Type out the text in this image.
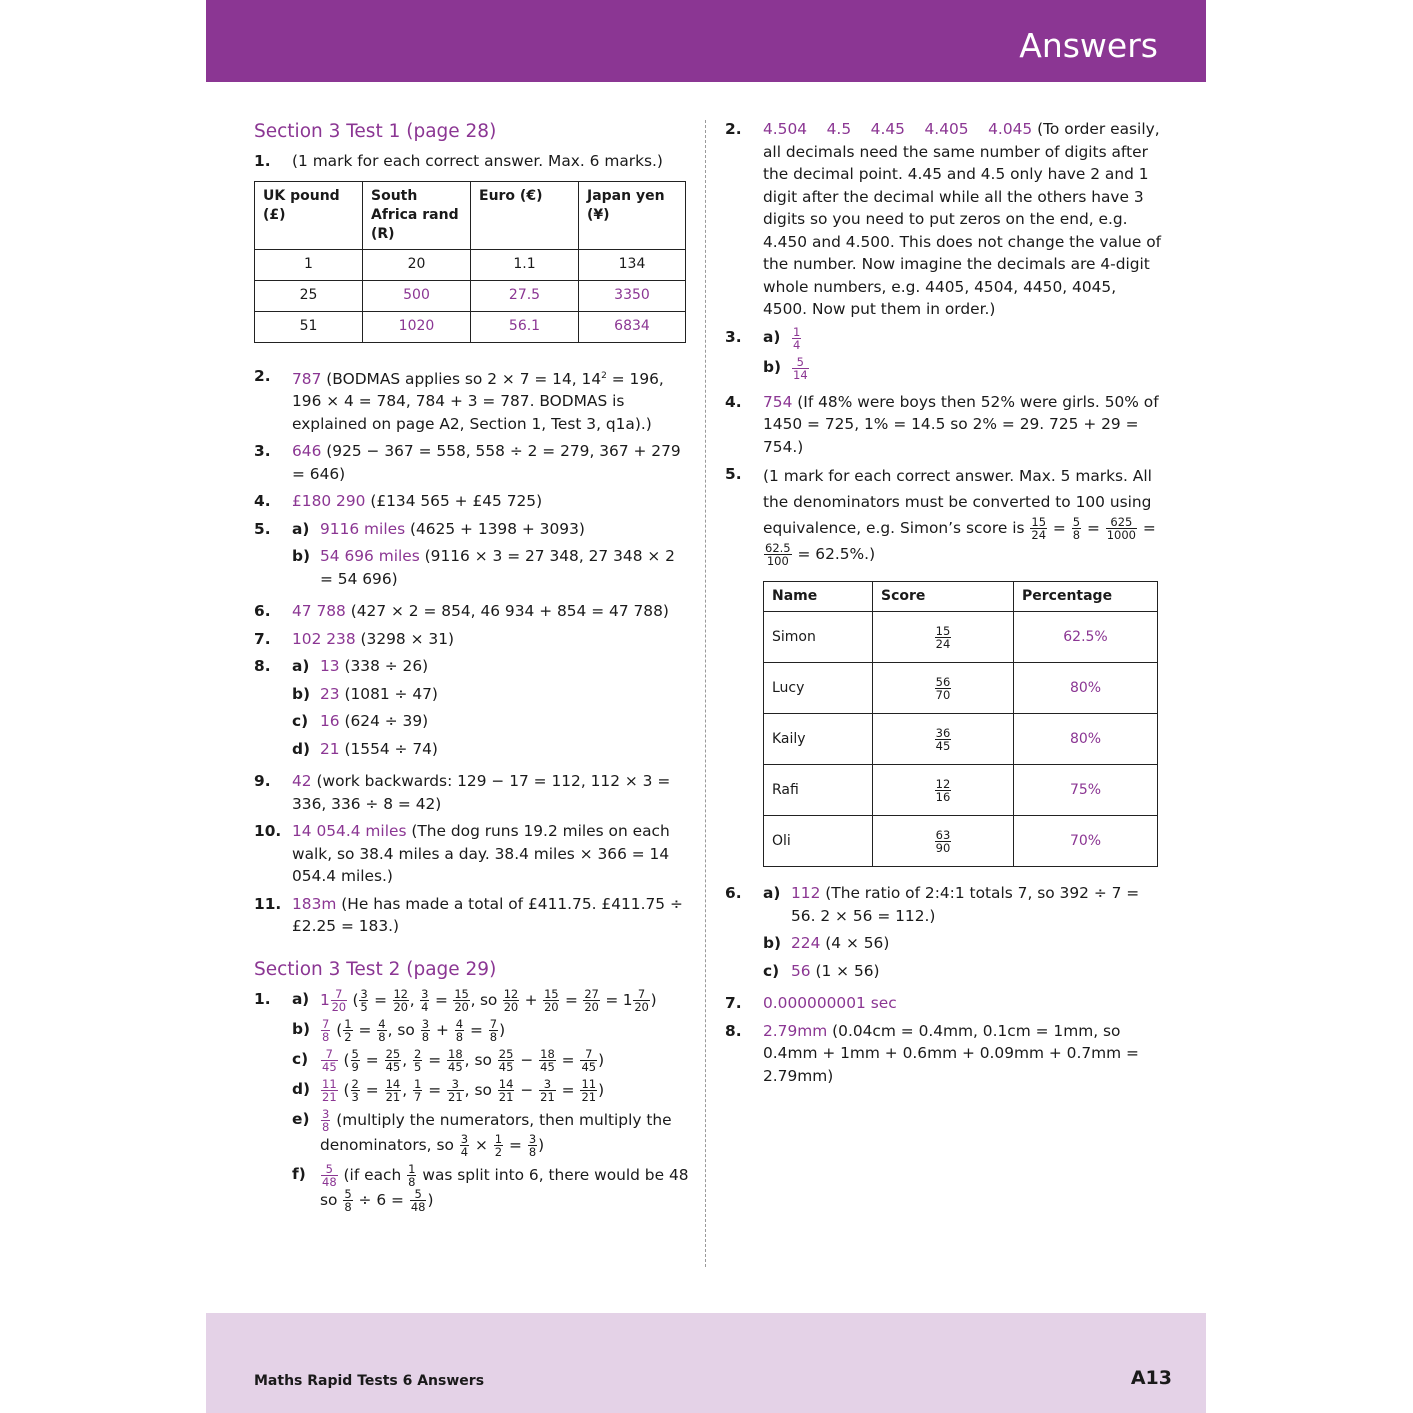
Answers
Section 3 Test 1 (page 28)
1.	(1 mark for each correct answer. Max. 6 marks.)
UK pound (£)	South Africa rand (R)	Euro (€)	Japan yen (¥)
1	20	1.1	134
25	500	27.5	3350
51	1020	56.1	6834
2.	787 (BODMAS applies so 2 × 7 = 14, $14^2 = 196$, 196 × 4 = 784, 784 + 3 = 787. BODMAS is explained on page A2, Section 1, Test 3, q1a).)
3.	646 (925 − 367 = 558, 558 ÷ 2 = 279, 367 + 279 = 646)
4.	£180 290 (£134 565 + £45 725)
5.	a) 9116 miles (4625 + 1398 + 3093)
b) 54 696 miles (9116 × 3 = 27 348, 27 348 × 2 = 54 696)
6.	47 788 (427 × 2 = 854, 46 934 + 854 = 47 788)
7.	102 238 (3298 × 31)
8.	a) 13 (338 ÷ 26)
b) 23 (1081 ÷ 47)
c) 16 (624 ÷ 39)
d) 21 (1554 ÷ 74)
9.	42 (work backwards: 129 − 17 = 112, 112 × 3 = 336, 336 ÷ 8 = 42)
10. 14 054.4 miles (The dog runs 19.2 miles on each walk, so 38.4 miles a day. 38.4 miles × 366 = 14 054.4 miles.)
11. 183m (He has made a total of £411.75. £411.75 ÷ £2.25 = 183.)
Section 3 Test 2 (page 29)
1.	a) $1 \frac{7}{20}$ ( $\frac{3}{5} = \frac{12}{20}$ , $\frac{3}{4} = \frac{15}{20}$ , so $\frac{12}{20} + \frac{15}{20} = \frac{27}{20} = 1 \frac{7}{20}$ )
$b) \frac{7}{8}$ ( $\frac{1}{2} = \frac{4}{8}$ , so $\frac{3}{8} + \frac{4}{8} = \frac{7}{8}$ )
c)	$\frac{7}{45}$ ( $\frac{5}{9} = \frac{25}{45}$ , $\frac{2}{5} = \frac{18}{45}$ , so $\frac{25}{45} - \frac{18}{45} = \frac{7}{45}$ )
$d) \frac{11}{21}$ ( $\frac{2}{3} = \frac{14}{21}$ , $\frac{1}{7} = \frac{3}{21}$ , so $\frac{14}{21} - \frac{3}{21} = \frac{11}{21}$ )
e)	$\frac{3}{8}$ (multiply the numerators, then multiply the denominators, so $\frac{3}{4} \times \frac{1}{2} = \frac{3}{8}$ )
f)	$\frac{5}{48} (if$ each $\frac{1}{8}$ was split into 6, there would be 48 so $\frac{5}{8} \div 6 = \frac{5}{48}$ )
2.	4.504    4.5    4.45    4.405    4.045 (To order easily, all decimals need the same number of digits after the decimal point. 4.45 and 4.5 only have 2 and 1 digit after the decimal while all the others have 3 digits so you need to put zeros on the end, e.g. 4.450 and 4.500. This does not change the value of the number. Now imagine the decimals are 4-digit whole numbers, e.g. 4405, 4504, 4450, 4045, 4500. Now put them in order.)
3.	a)	$\frac{1}{4}$
$b) \frac{5}{14}$
4.	754 (If 48% were boys then 52% were girls. 50% of 1450 = 725, 1% = 14.5 so 2% = 29. 725 + 29 = 754.)
5.	(1 mark for each correct answer. Max. 5 marks. All the denominators must be converted to 100 using equivalence, e.g. Simon’s score is $\frac{15}{24} = \frac{5}{8} = \frac{625}{1000}$ =
$\frac{62.5}{100} = 62.5\%$.)
Name	Score	Percentage
Simon	$\frac{15}{24}$	62.5%
Lucy	$\frac{56}{70}$	80%
Kaily	$\frac{36}{45}$	80%
Rafi	$\frac{12}{16}$	75%
Oli	$\frac{63}{90}$	70%
6.	a) 112 (The ratio of 2:4:1 totals 7, so 392 ÷ 7 = 56. 2 × 56 = 112.)
b) 224 (4 × 56)
c) 56 (1 × 56)
7.	0.000000001 sec
8.	2.79mm (0.04cm = 0.4mm, 0.1cm = 1mm, so 0.4mm + 1mm + 0.6mm + 0.09mm + 0.7mm = 2.79mm)
Maths Rapid Tests 6 Answers	A13
